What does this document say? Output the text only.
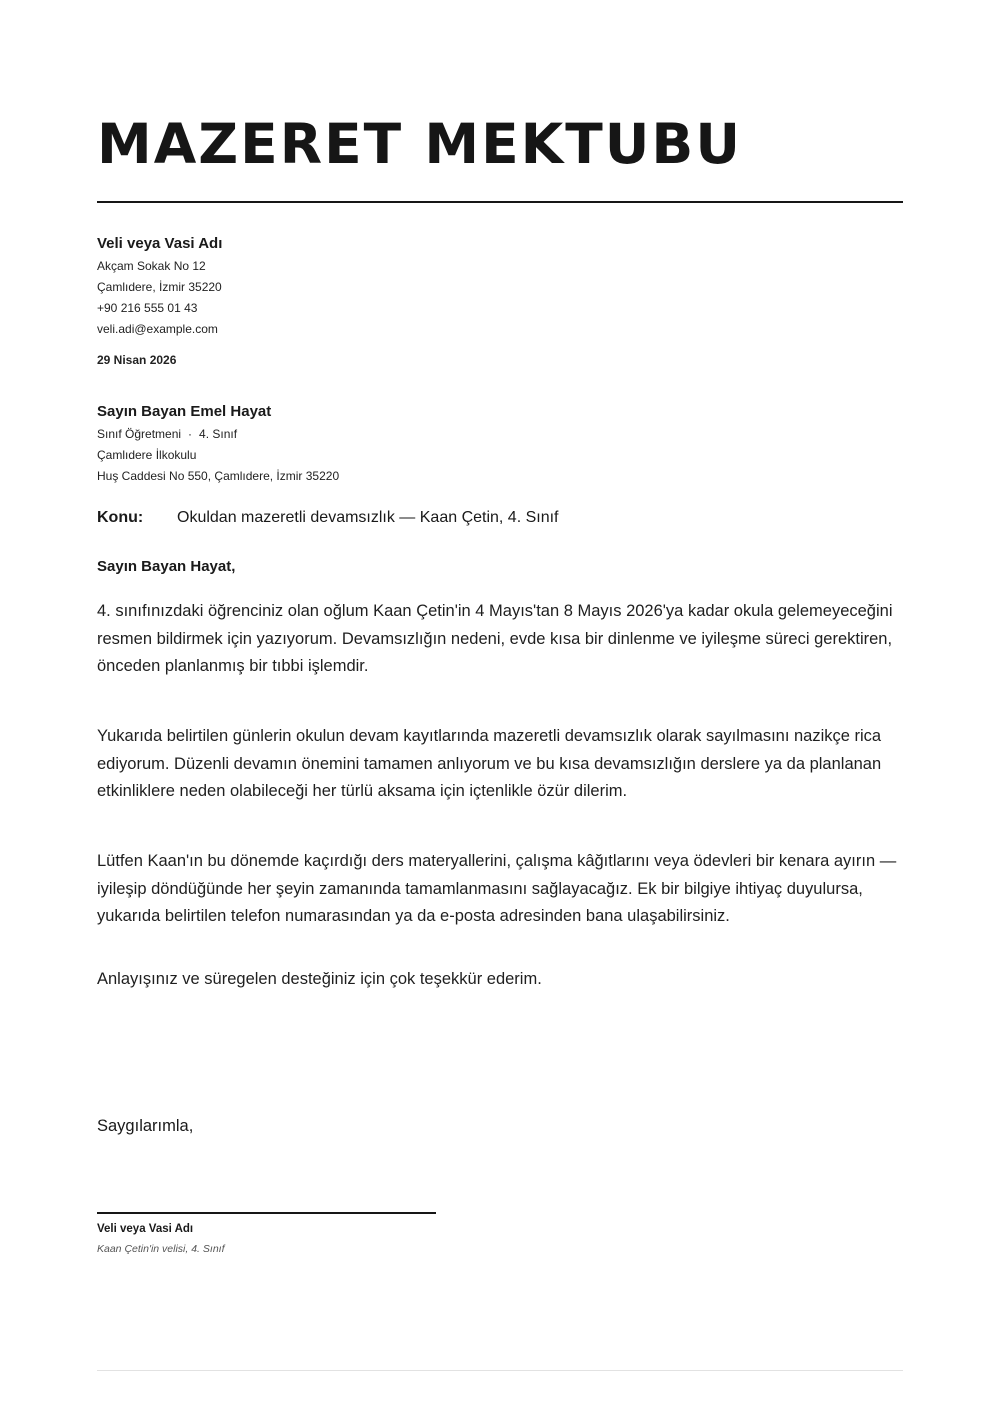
MAZERET MEKTUBU
Veli veya Vasi Adı
Akçam Sokak No 12
Çamlıdere, İzmir 35220
+90 216 555 01 43
veli.adi@example.com
29 Nisan 2026
Sayın Bayan Emel Hayat
Sınıf Öğretmeni · 4. Sınıf
Çamlıdere İlkokulu
Huş Caddesi No 550, Çamlıdere, İzmir 35220
Konu: Okuldan mazeretli devamsızlık — Kaan Çetin, 4. Sınıf
Sayın Bayan Hayat,

4. sınıfınızdaki öğrenciniz olan oğlum Kaan Çetin'in 4 Mayıs'tan 8 Mayıs 2026'ya kadar okula gelemeyeceğini resmen bildirmek için yazıyorum. Devamsızlığın nedeni, evde kısa bir dinlenme ve iyileşme süreci gerektiren, önceden planlanmış bir tıbbi işlemdir.

Yukarıda belirtilen günlerin okulun devam kayıtlarında mazeretli devamsızlık olarak sayılmasını nazikçe rica ediyorum. Düzenli devamın önemini tamamen anlıyorum ve bu kısa devamsızlığın derslere ya da planlanan etkinliklere neden olabileceği her türlü aksama için içtenlikle özür dilerim.

Lütfen Kaan'ın bu dönemde kaçırdığı ders materyallerini, çalışma kâğıtlarını veya ödevleri bir kenara ayırın — iyileşip döndüğünde her şeyin zamanında tamamlanmasını sağlayacağız. Ek bir bilgiye ihtiyaç duyulursa, yukarıda belirtilen telefon numarasından ya da e-posta adresinden bana ulaşabilirsiniz.

Anlayışınız ve süregelen desteğiniz için çok teşekkür ederim.

Saygılarımla,
Veli veya Vasi Adı
Kaan Çetin'in velisi, 4. Sınıf
